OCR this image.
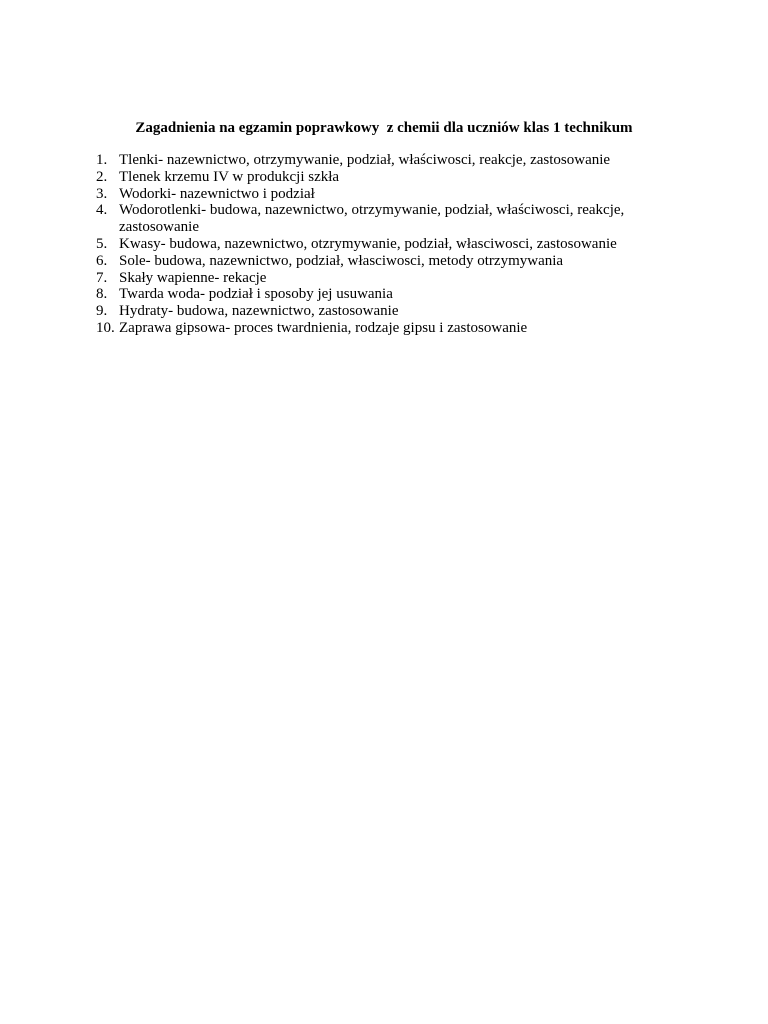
Zagadnienia na egzamin poprawkowy  z chemii dla uczniów klas 1 technikum
1. Tlenki- nazewnictwo, otrzymywanie, podział, właściwosci, reakcje, zastosowanie
2. Tlenek krzemu IV w produkcji szkła
3. Wodorki- nazewnictwo i podział
4. Wodorotlenki- budowa, nazewnictwo, otrzymywanie, podział, właściwosci, reakcje, zastosowanie
5. Kwasy- budowa, nazewnictwo, otzrymywanie, podział, własciwosci, zastosowanie
6. Sole- budowa, nazewnictwo, podział, własciwosci, metody otrzymywania
7. Skały wapienne- rekacje
8. Twarda woda- podział i sposoby jej usuwania
9. Hydraty- budowa, nazewnictwo, zastosowanie
10. Zaprawa gipsowa- proces twardnienia, rodzaje gipsu i zastosowanie
